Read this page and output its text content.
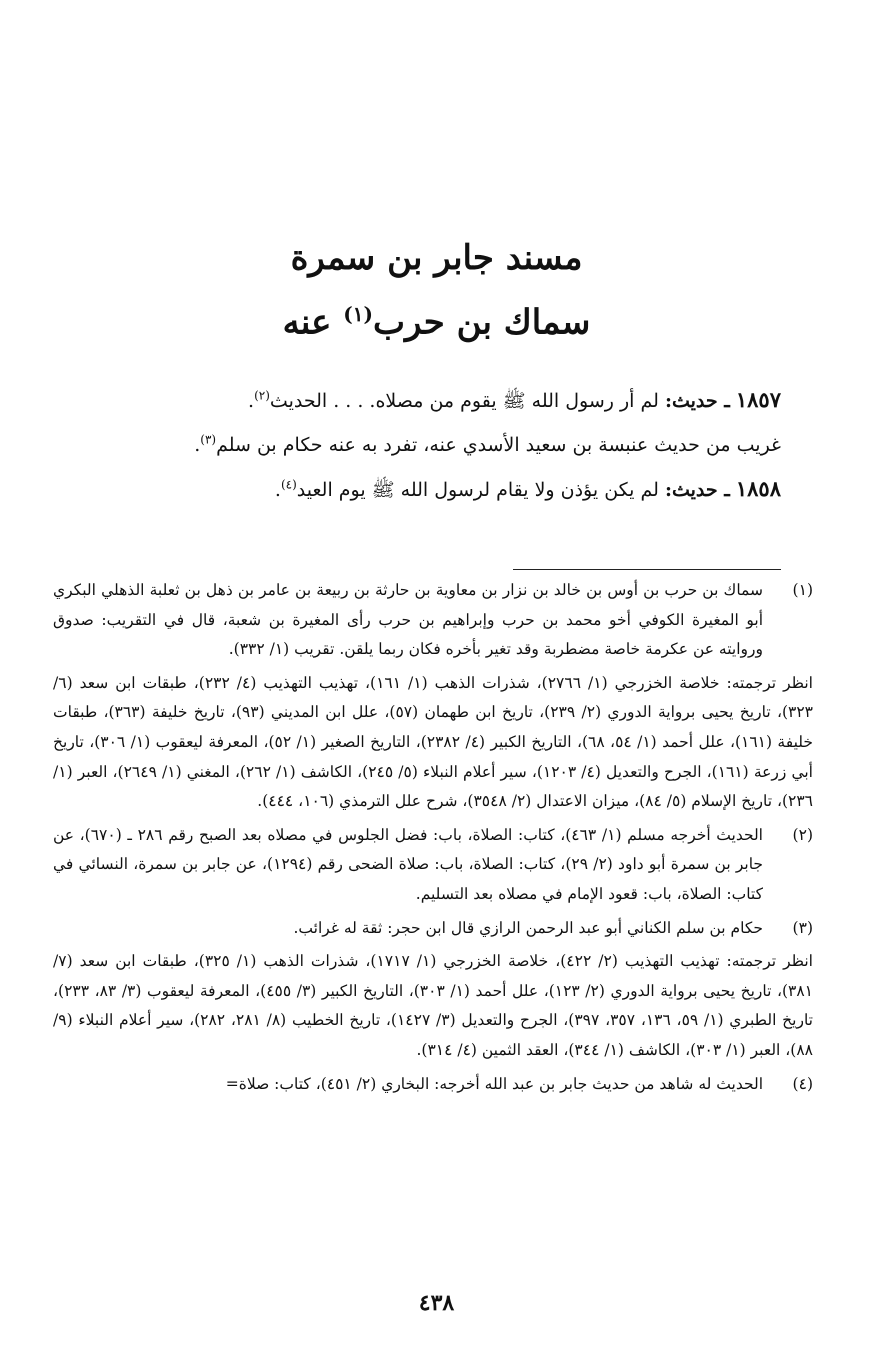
مسند جابر بن سمرة

سماك بن حرب$^{(١)}$ عنه

١٨٥٧ ـ حديث: لم أر رسول الله ﷺ يقوم من مصلاه. . . . الحديث$^{(٢)}$.

غريب من حديث عنبسة بن سعيد الأسدي عنه، تفرد به عنه حكام بن سلم$^{(٣)}$.

١٨٥٨ ـ حديث: لم يكن يؤذن ولا يقام لرسول الله ﷺ يوم العيد$^{(٤)}$.

(١)

سماك بن حرب بن أوس بن خالد بن نزار بن معاوية بن حارثة بن ربيعة بن عامر بن ذهل بن ثعلبة الذهلي البكري أبو المغيرة الكوفي أخو محمد بن حرب وإبراهيم بن حرب رأى المغيرة بن شعبة، قال في التقريب: صدوق وروايته عن عكرمة خاصة مضطربة وقد تغير بأخره فكان ربما يلقن. تقريب (١/ ٣٣٢).

انظر ترجمته: خلاصة الخزرجي (١/ ٢٧٦٦)، شذرات الذهب (١/ ١٦١)، تهذيب التهذيب (٤/ ٢٣٢)، طبقات ابن سعد (٦/ ٣٢٣)، تاريخ يحيى برواية الدوري (٢/ ٢٣٩)، تاريخ ابن طهمان (٥٧)، علل ابن المديني (٩٣)، تاريخ خليفة (٣٦٣)، طبقات خليفة (١٦١)، علل أحمد (١/ ٥٤، ٦٨)، التاريخ الكبير (٤/ ٢٣٨٢)، التاريخ الصغير (١/ ٥٢)، المعرفة ليعقوب (١/ ٣٠٦)، تاريخ أبي زرعة (١٦١)، الجرح والتعديل (٤/ ١٢٠٣)، سير أعلام النبلاء (٥/ ٢٤٥)، الكاشف (١/ ٢٦٢)، المغني (١/ ٢٦٤٩)، العبر (١/ ٢٣٦)، تاريخ الإسلام (٥/ ٨٤)، ميزان الاعتدال (٢/ ٣٥٤٨)، شرح علل الترمذي (١٠٦، ٤٤٤).

(٢)

الحديث أخرجه مسلم (١/ ٤٦٣)، كتاب: الصلاة، باب: فضل الجلوس في مصلاه بعد الصبح رقم ٢٨٦ ـ (٦٧٠)، عن جابر بن سمرة أبو داود (٢/ ٢٩)، كتاب: الصلاة، باب: صلاة الضحى رقم (١٢٩٤)، عن جابر بن سمرة، النسائي في كتاب: الصلاة، باب: قعود الإمام في مصلاه بعد التسليم.

(٣)

حكام بن سلم الكناني أبو عبد الرحمن الرازي قال ابن حجر: ثقة له غرائب.

انظر ترجمته: تهذيب التهذيب (٢/ ٤٢٢)، خلاصة الخزرجي (١/ ١٧١٧)، شذرات الذهب (١/ ٣٢٥)، طبقات ابن سعد (٧/ ٣٨١)، تاريخ يحيى برواية الدوري (٢/ ١٢٣)، علل أحمد (١/ ٣٠٣)، التاريخ الكبير (٣/ ٤٥٥)، المعرفة ليعقوب (٣/ ٨٣، ٢٣٣)، تاريخ الطبري (١/ ٥٩، ١٣٦، ٣٥٧، ٣٩٧)، الجرح والتعديل (٣/ ١٤٢٧)، تاريخ الخطيب (٨/ ٢٨١، ٢٨٢)، سير أعلام النبلاء (٩/ ٨٨)، العبر (١/ ٣٠٣)، الكاشف (١/ ٣٤٤)، العقد الثمين (٤/ ٣١٤).

(٤)

الحديث له شاهد من حديث جابر بن عبد الله أخرجه: البخاري (٢/ ٤٥١)، كتاب: صلاة=

٤٣٨
